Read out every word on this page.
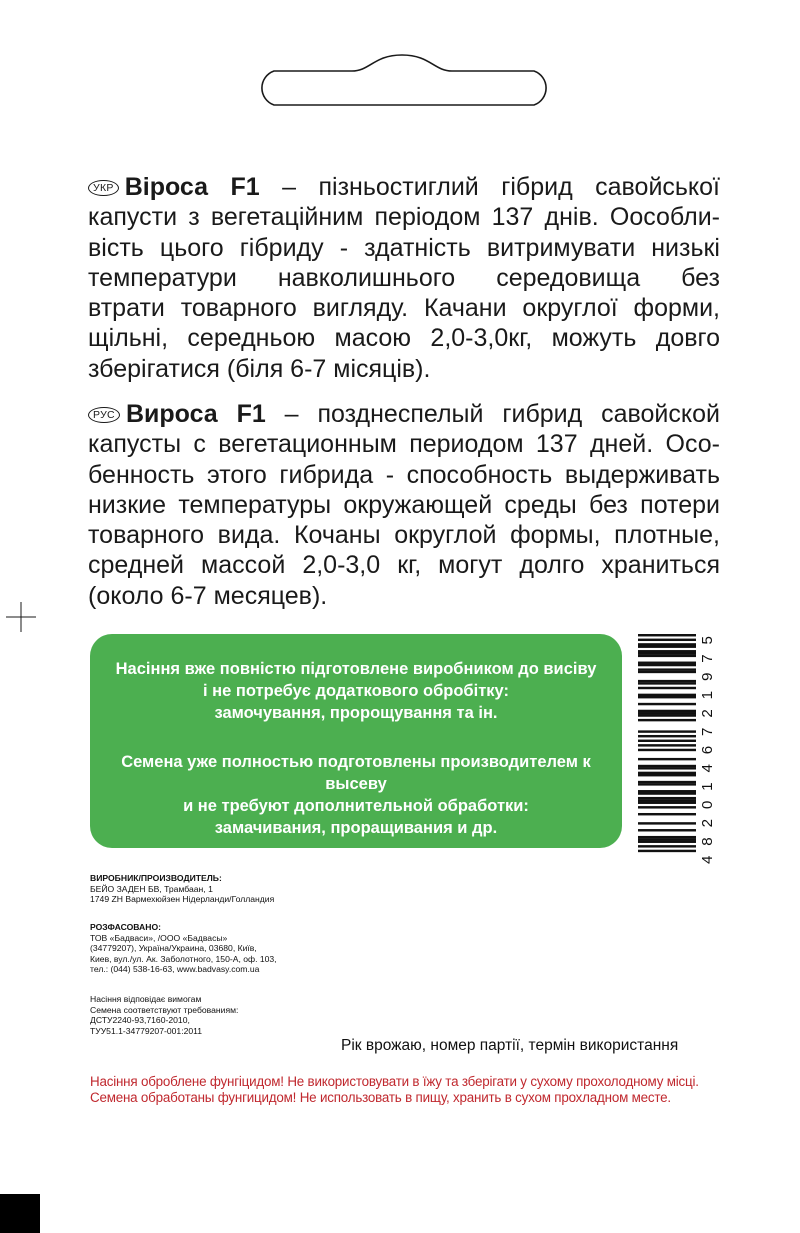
УКР Віроса F1 – пізньостиглий гібрид савойської
капусти з вегетаційним періодом 137 днів. Оособли-
вість цього гібриду - здатність витримувати низькі
температури навколишнього середовища без
втрати товарного вигляду. Качани округлої форми,
щільні, середньою масою 2,0-3,0кг, можуть довго
зберігатися (біля 6-7 місяців).
РУС Вироса F1 – позднеспелый гибрид савойской
капусты с вегетационным периодом 137 дней. Осо-
бенность этого гибрида - способность выдерживать
низкие температуры окружающей среды без потери
товарного вида. Кочаны округлой формы, плотные,
средней массой 2,0-3,0 кг, могут долго храниться
(около 6-7 месяцев).
Насіння вже повністю підготовлене виробником до висіву
і не потребує додаткового обробітку:
замочування, пророщування та ін.
Семена уже полностью подготовлены производителем к высеву
и не требуют дополнительной обработки:
замачивания, проращивания и др.
4820146721975
ВИРОБНИК/ПРОИЗВОДИТЕЛЬ:
БЕЙО ЗАДЕН БВ, Трамбаан, 1
1749 ZH Вармехюйзен Нідерланди/Голландия
РОЗФАСОВАНО:
ТОВ «Бадваси», /ООО «Бадвасы»
(34779207), Україна/Украина, 03680, Київ,
Киев, вул./ул. Ак. Заболотного, 150-А, оф. 103,
тел.: (044) 538-16-63, www.badvasy.com.ua
Насіння відповідає вимогам
Семена соответствуют требованиям:
ДСТУ2240-93,7160-2010,
ТУУ51.1-34779207-001:2011
Рік врожаю, номер партії, термін використання
Насіння оброблене фунгіцидом! Не використовувати в їжу та зберігати у сухому прохолодному місці.
Семена обработаны фунгицидом! Не использовать в пищу, хранить в сухом прохладном месте.
